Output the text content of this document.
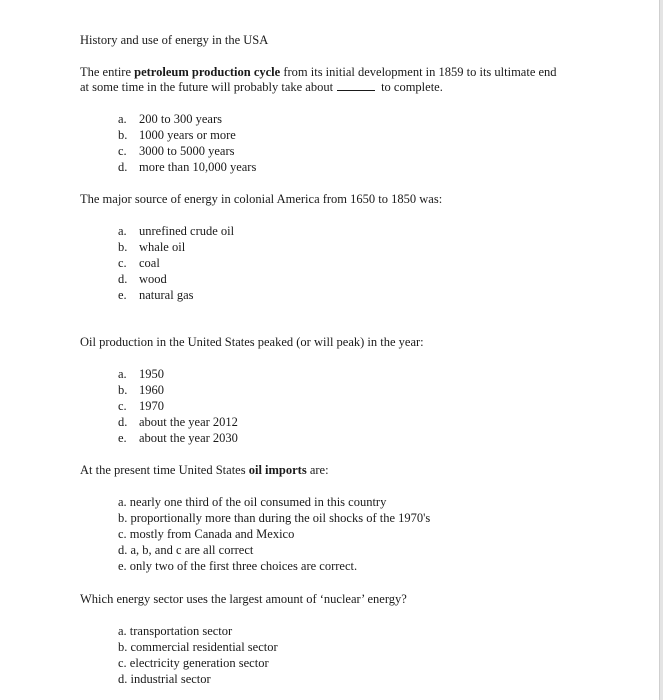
History and use of energy in the USA
The entire petroleum production cycle from its initial development in 1859 to its ultimate end
at some time in the future will probably take about	to complete.
a. 200 to 300 years
b. 1000 years or more
c. 3000 to 5000 years
d. more than 10,000 years
The major source of energy in colonial America from 1650 to 1850 was:
a. unrefined crude oil
b. whale oil
c. coal
d. wood
e. natural gas
Oil production in the United States peaked (or will peak) in the year:
a. 1950
b. 1960
c. 1970
d. about the year 2012
e. about the year 2030
At the present time United States oil imports are:
a. nearly one third of the oil consumed in this country
b. proportionally more than during the oil shocks of the 1970's
c. mostly from Canada and Mexico
d. a, b, and c are all correct
e. only two of the first three choices are correct.
Which energy sector uses the largest amount of ‘nuclear’ energy?
a. transportation sector
b. commercial residential sector
c. electricity generation sector
d. industrial sector
